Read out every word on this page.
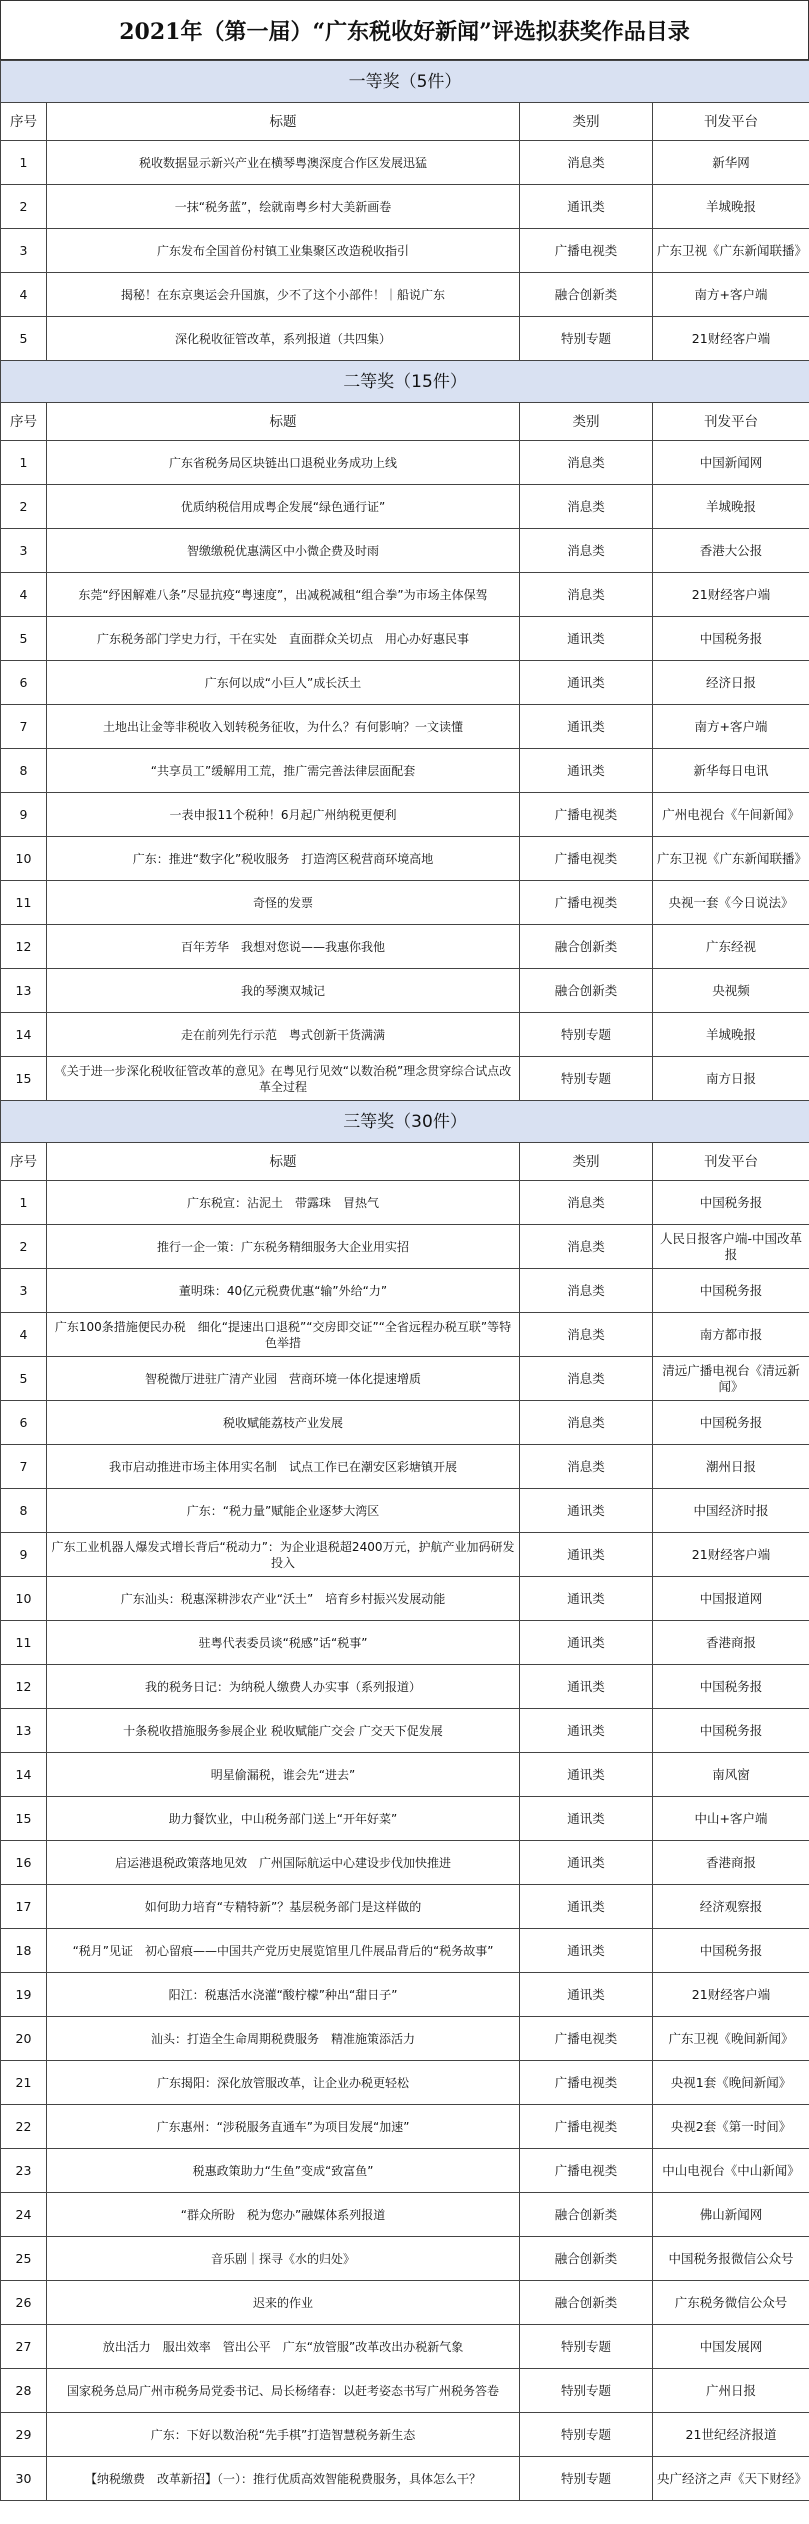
2021年（第一届）“广东税收好新闻”评选拟获奖作品目录
一等奖（5件）			
序号	标题	类别	刊发平台
1	税收数据显示新兴产业在横琴粤澳深度合作区发展迅猛	消息类	新华网
2	一抹“税务蓝”，绘就南粤乡村大美新画卷	通讯类	羊城晚报
3	广东发布全国首份村镇工业集聚区改造税收指引	广播电视类	广东卫视《广东新闻联播》
4	揭秘！在东京奥运会升国旗，少不了这个小部件！｜船说广东	融合创新类	南方+客户端
5	深化税收征管改革，系列报道（共四集）	特别专题	21财经客户端
二等奖（15件）			
序号	标题	类别	刊发平台
1	广东省税务局区块链出口退税业务成功上线	消息类	中国新闻网
2	优质纳税信用成粤企发展“绿色通行证”	消息类	羊城晚报
3	智缴缴税优惠满区中小微企费及时雨	消息类	香港大公报
4	东莞“纾困解难八条”尽显抗疫“粤速度”，出减税减租“组合拳”为市场主体保驾	消息类	21财经客户端
5	广东税务部门学史力行，干在实处　直面群众关切点　用心办好惠民事	通讯类	中国税务报
6	广东何以成“小巨人”成长沃土	通讯类	经济日报
7	土地出让金等非税收入划转税务征收，为什么？有何影响？一文读懂	通讯类	南方+客户端
8	“共享员工”缓解用工荒，推广需完善法律层面配套	通讯类	新华每日电讯
9	一表申报11个税种！6月起广州纳税更便利	广播电视类	广州电视台《午间新闻》
10	广东：推进“数字化”税收服务　打造湾区税营商环境高地	广播电视类	广东卫视《广东新闻联播》
11	奇怪的发票	广播电视类	央视一套《今日说法》
12	百年芳华　我想对您说——我惠你我他	融合创新类	广东经视
13	我的琴澳双城记	融合创新类	央视频
14	走在前列先行示范　粤式创新干货满满	特别专题	羊城晚报
15	《关于进一步深化税收征管改革的意见》在粤见行见效“以数治税”理念贯穿综合试点改革全过程	特别专题	南方日报
三等奖（30件）			
序号	标题	类别	刊发平台
1	广东税宣：沾泥土　带露珠　冒热气	消息类	中国税务报
2	推行一企一策：广东税务精细服务大企业用实招	消息类	人民日报客户端-中国改革报
3	董明珠：40亿元税费优惠“输”外给“力”	消息类	中国税务报
4	广东100条措施便民办税　细化“提速出口退税”“交房即交证”“全省远程办税互联”等特色举措	消息类	南方都市报
5	智税微厅进驻广清产业园　营商环境一体化提速增质	消息类	清远广播电视台《清远新闻》
6	税收赋能荔枝产业发展	消息类	中国税务报
7	我市启动推进市场主体用实名制　试点工作已在潮安区彩塘镇开展	消息类	潮州日报
8	广东：“税力量”赋能企业逐梦大湾区	通讯类	中国经济时报
9	广东工业机器人爆发式增长背后“税动力”：为企业退税超2400万元，护航产业加码研发投入	通讯类	21财经客户端
10	广东汕头：税惠深耕涉农产业“沃土”　培育乡村振兴发展动能	通讯类	中国报道网
11	驻粤代表委员谈“税感”话“税事”	通讯类	香港商报
12	我的税务日记：为纳税人缴费人办实事（系列报道）	通讯类	中国税务报
13	十条税收措施服务参展企业 税收赋能广交会 广交天下促发展	通讯类	中国税务报
14	明星偷漏税，谁会先“进去”	通讯类	南风窗
15	助力餐饮业，中山税务部门送上“开年好菜”	通讯类	中山+客户端
16	启运港退税政策落地见效　广州国际航运中心建设步伐加快推进	通讯类	香港商报
17	如何助力培育“专精特新”？基层税务部门是这样做的	通讯类	经济观察报
18	“税月”见证　初心留痕——中国共产党历史展览馆里几件展品背后的“税务故事”	通讯类	中国税务报
19	阳江：税惠活水浇灌“酸柠檬”种出“甜日子”	通讯类	21财经客户端
20	汕头：打造全生命周期税费服务　精准施策添活力	广播电视类	广东卫视《晚间新闻》
21	广东揭阳：深化放管服改革，让企业办税更轻松	广播电视类	央视1套《晚间新闻》
22	广东惠州：“涉税服务直通车”为项目发展“加速”	广播电视类	央视2套《第一时间》
23	税惠政策助力“生鱼”变成“致富鱼”	广播电视类	中山电视台《中山新闻》
24	“群众所盼　税为您办”融媒体系列报道	融合创新类	佛山新闻网
25	音乐剧｜探寻《水的归处》	融合创新类	中国税务报微信公众号
26	迟来的作业	融合创新类	广东税务微信公众号
27	放出活力　服出效率　管出公平　广东“放管服”改革改出办税新气象	特别专题	中国发展网
28	国家税务总局广州市税务局党委书记、局长杨绪春：以赶考姿态书写广州税务答卷	特别专题	广州日报
29	广东：下好以数治税“先手棋”打造智慧税务新生态	特别专题	21世纪经济报道
30	【纳税缴费　改革新招】（一）：推行优质高效智能税费服务，具体怎么干？	特别专题	央广经济之声《天下财经》
